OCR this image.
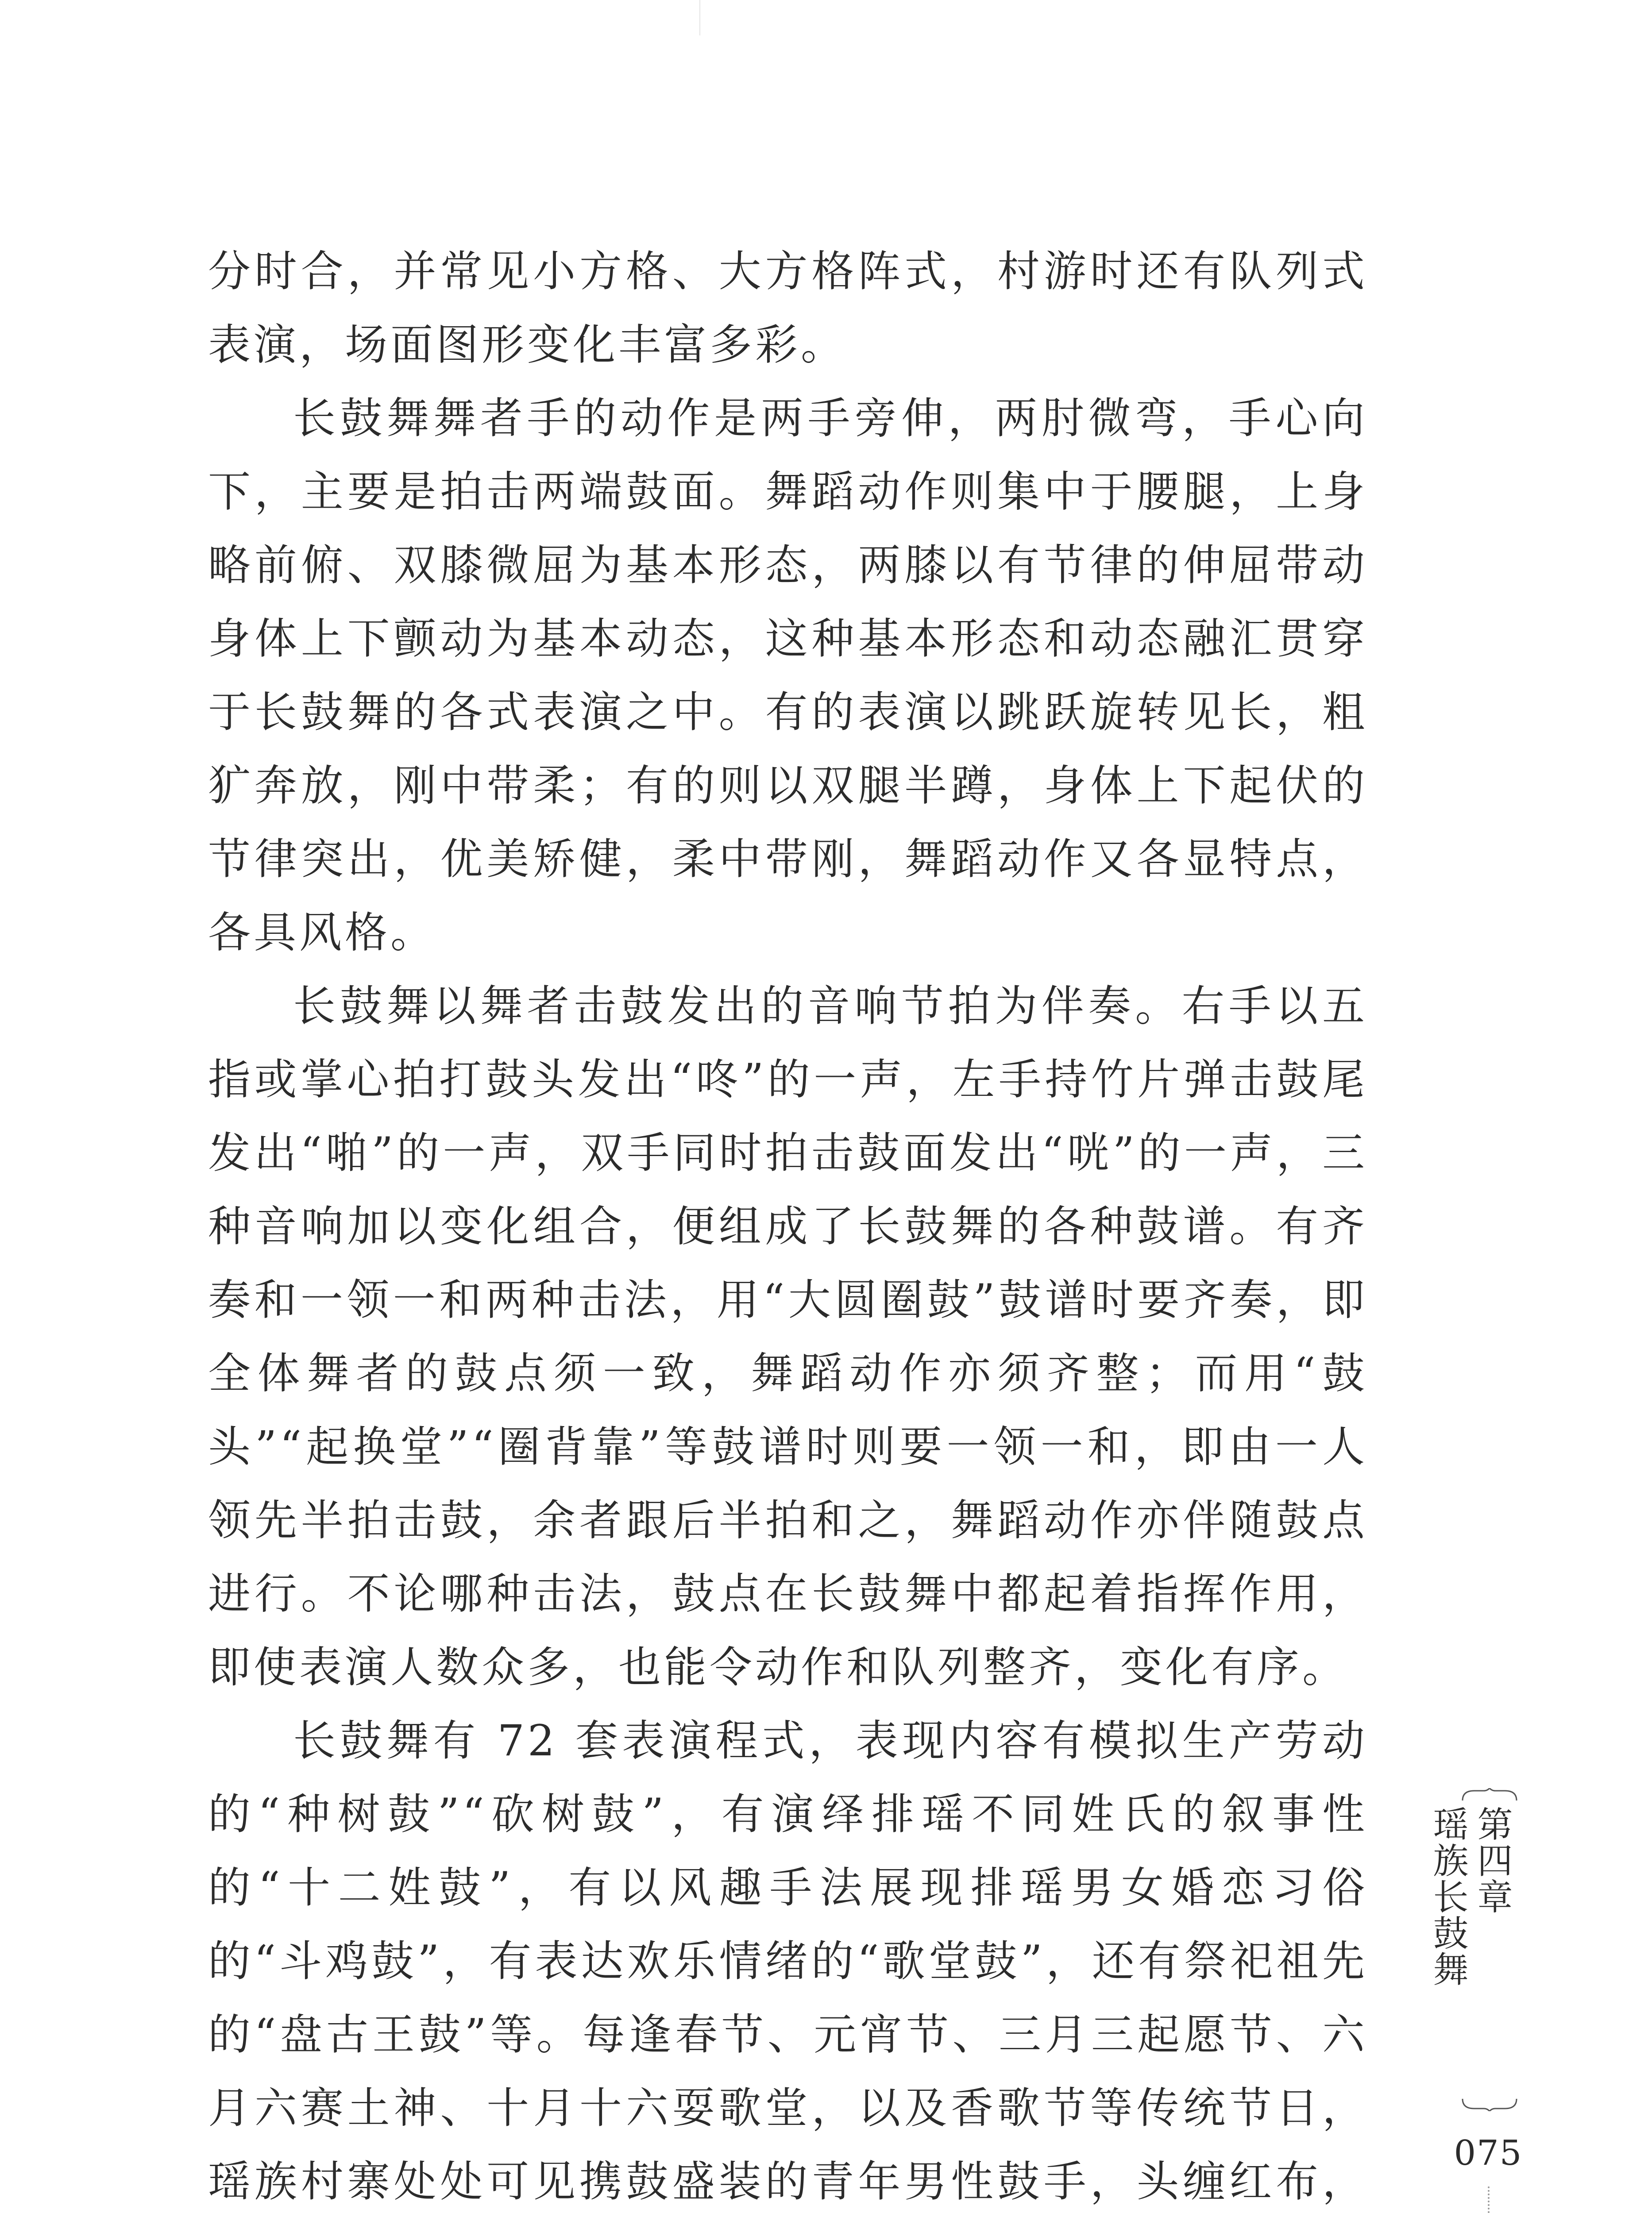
分时合，并常见小方格、大方格阵式，村游时还有队列式表演，场面图形变化丰富多彩。

长鼓舞舞者手的动作是两手旁伸，两肘微弯，手心向下，主要是拍击两端鼓面。舞蹈动作则集中于腰腿，上身略前俯、双膝微屈为基本形态，两膝以有节律的伸屈带动身体上下颤动为基本动态，这种基本形态和动态融汇贯穿于长鼓舞的各式表演之中。有的表演以跳跃旋转见长，粗犷奔放，刚中带柔；有的则以双腿半蹲，身体上下起伏的节律突出，优美矫健，柔中带刚，舞蹈动作又各显特点，各具风格。

长鼓舞以舞者击鼓发出的音响节拍为伴奏。右手以五指或掌心拍打鼓头发出“咚”的一声，左手持竹片弹击鼓尾发出“啪”的一声，双手同时拍击鼓面发出“咣”的一声，三种音响加以变化组合，便组成了长鼓舞的各种鼓谱。有齐奏和一领一和两种击法，用“大圆圈鼓”鼓谱时要齐奏，即全体舞者的鼓点须一致，舞蹈动作亦须齐整；而用“鼓头”“起换堂”“圈背靠”等鼓谱时则要一领一和，即由一人领先半拍击鼓，余者跟后半拍和之，舞蹈动作亦伴随鼓点进行。不论哪种击法，鼓点在长鼓舞中都起着指挥作用，即使表演人数众多，也能令动作和队列整齐，变化有序。

长鼓舞有 72 套表演程式，表现内容有模拟生产劳动的“种树鼓”“砍树鼓”，有演绎排瑶不同姓氏的叙事性的“十二姓鼓”，有以风趣手法展现排瑶男女婚恋习俗的“斗鸡鼓”，有表达欢乐情绪的“歌堂鼓”，还有祭祀祖先的“盘古王鼓”等。每逢春节、元宵节、三月三起愿节、六月六赛土神、十月十六耍歌堂，以及香歌节等传统节日，瑶族村寨处处可见携鼓盛装的青年男性鼓手，头缠红布，

第四章
瑶族长鼓舞
075
